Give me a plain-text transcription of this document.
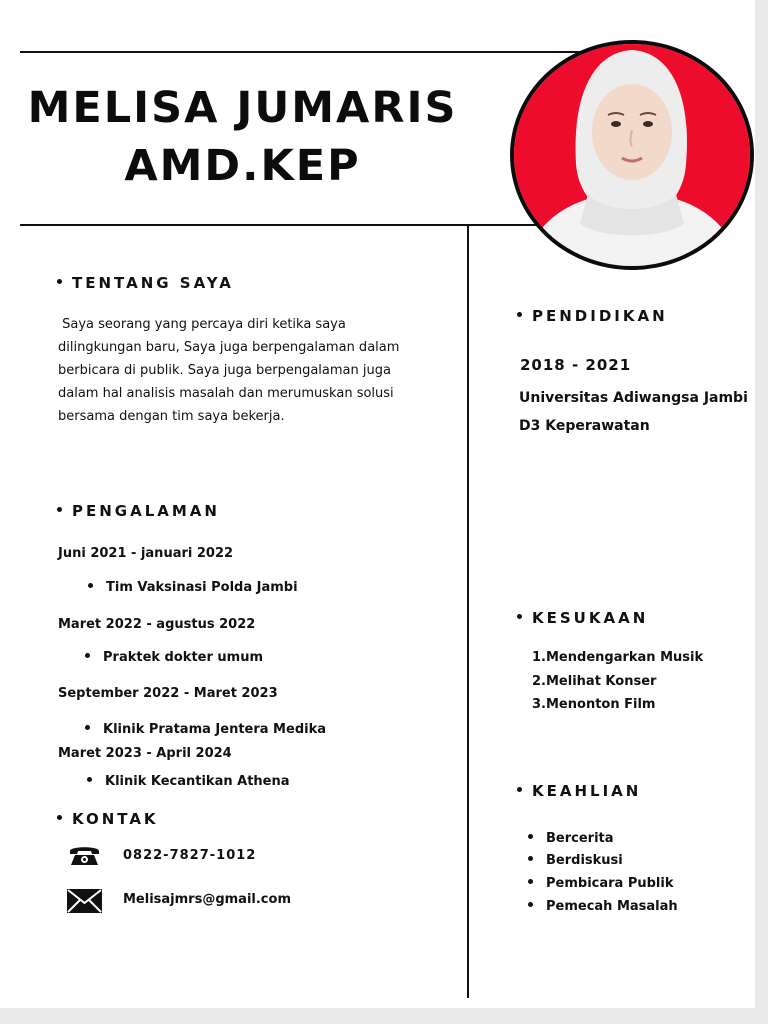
MELISA JUMARIS
AMD.KEP
TENTANG SAYA
Saya seorang yang percaya diri ketika saya
dilingkungan baru, Saya juga berpengalaman dalam
berbicara di publik. Saya juga berpengalaman juga
dalam hal analisis masalah dan merumuskan solusi
bersama dengan tim saya bekerja.
PENGALAMAN
Juni 2021 - januari 2022
Tim Vaksinasi Polda Jambi
Maret 2022 - agustus 2022
Praktek dokter umum
September 2022 - Maret 2023
Klinik Pratama Jentera Medika
Maret 2023 - April 2024
Klinik Kecantikan Athena
KONTAK
0822-7827-1012
Melisajmrs@gmail.com
PENDIDIKAN
2018 - 2021
Universitas Adiwangsa Jambi
D3 Keperawatan
KESUKAAN
1.Mendengarkan Musik
2.Melihat Konser
3.Menonton Film
KEAHLIAN
Bercerita
Berdiskusi
Pembicara Publik
Pemecah Masalah
